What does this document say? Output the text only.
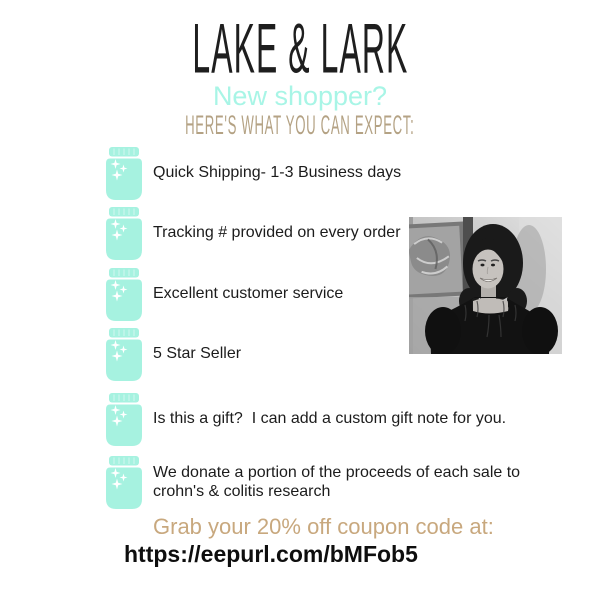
LAKE & LARK
New shopper?
HERE'S WHAT YOU CAN EXPECT:
Quick Shipping- 1-3 Business days
Tracking # provided on every order
Excellent customer service
5 Star Seller
Is this a gift?  I can add a custom gift note for you.
We donate a portion of the proceeds of each sale to crohn's & colitis research
Grab your 20% off coupon code at:
https://eepurl.com/bMFob5
